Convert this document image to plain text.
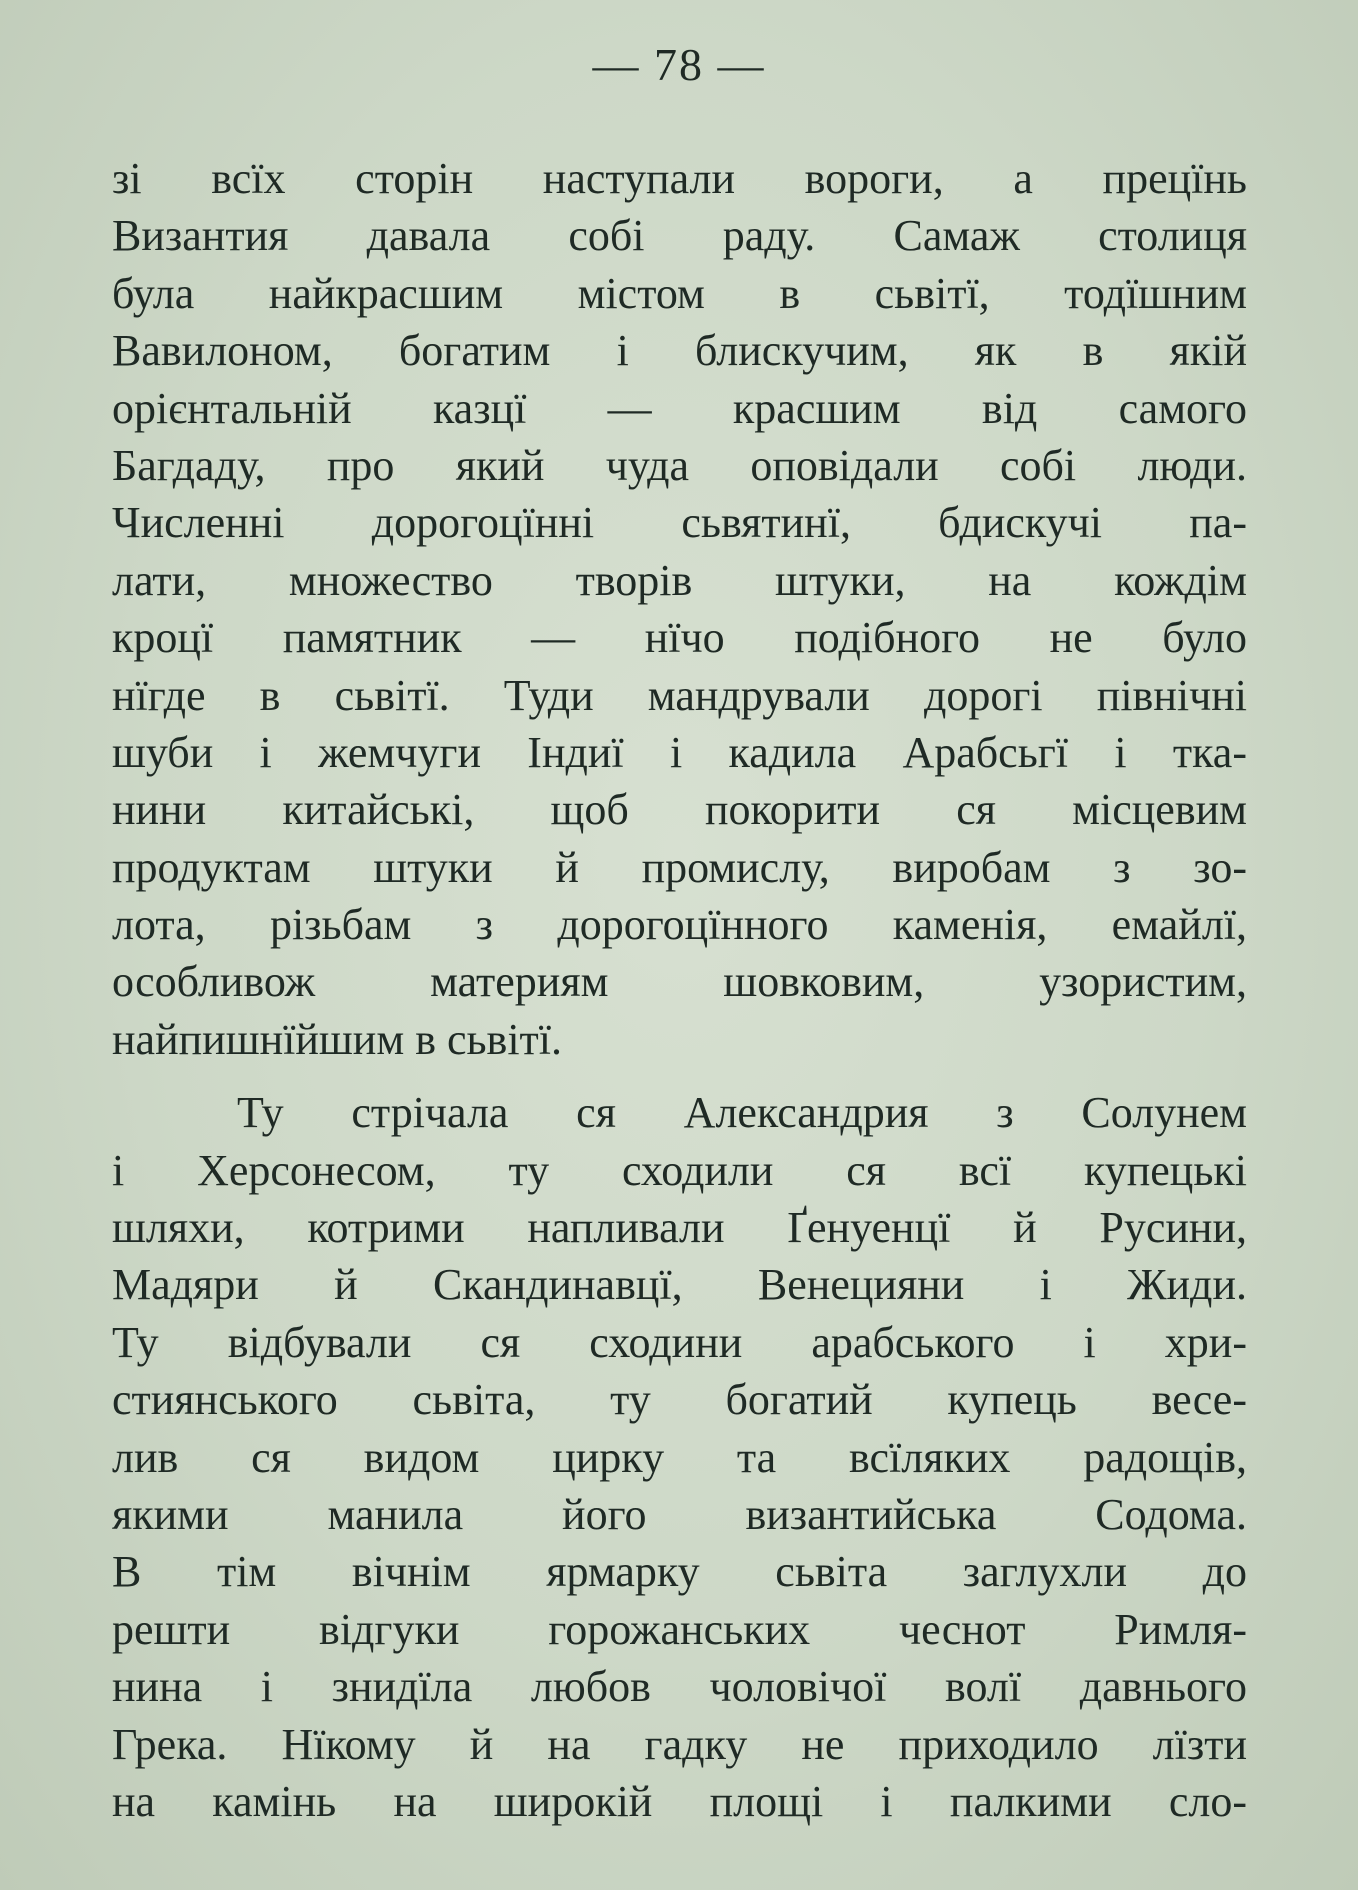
— 78 —
зі всїх сторін наступали вороги, а прецїнь
Византия давала собі раду. Самаж столиця
була найкрасшим містом в сьвітї, тодїшним
Вавилоном, богатим і блискучим, як в якій
орієнтальній казцї — красшим від самого
Багдаду, про який чуда оповідали собі люди.
Численні дорогоцїнні сьвятинї, бдискучі па-
лати, множество творів штуки, на кождім
кроцї памятник — нїчо подібного не було
нїгде в сьвітї. Туди мандрували дорогі північні
шуби і жемчуги Індиї і кадила Арабсьгї і тка-
нини китайські, щоб покорити ся місцевим
продуктам штуки й промислу, виробам з зо-
лота, різьбам з дорогоцїнного каменія, емайлї,
особливож материям шовковим, узористим,
найпишнїйшим в сьвітї.
Ту стрічала ся Александрия з Солунем
і Херсонесом, ту сходили ся всї купецькі
шляхи, котрими напливали Ґенуенцї й Русини,
Мадяри й Скандинавцї, Венецияни і Жиди.
Ту відбували ся сходини арабського і хри-
стиянського сьвіта, ту богатий купець весе-
лив ся видом цирку та всїляких радощів,
якими манила його византийська Содома.
В тім вічнім ярмарку сьвіта заглухли до
решти відгуки горожанських чеснот Римля-
нина і знидїла любов чоловічої волї давнього
Грека. Нїкому й на гадку не приходило лїзти
на камінь на широкій площі і палкими сло-
